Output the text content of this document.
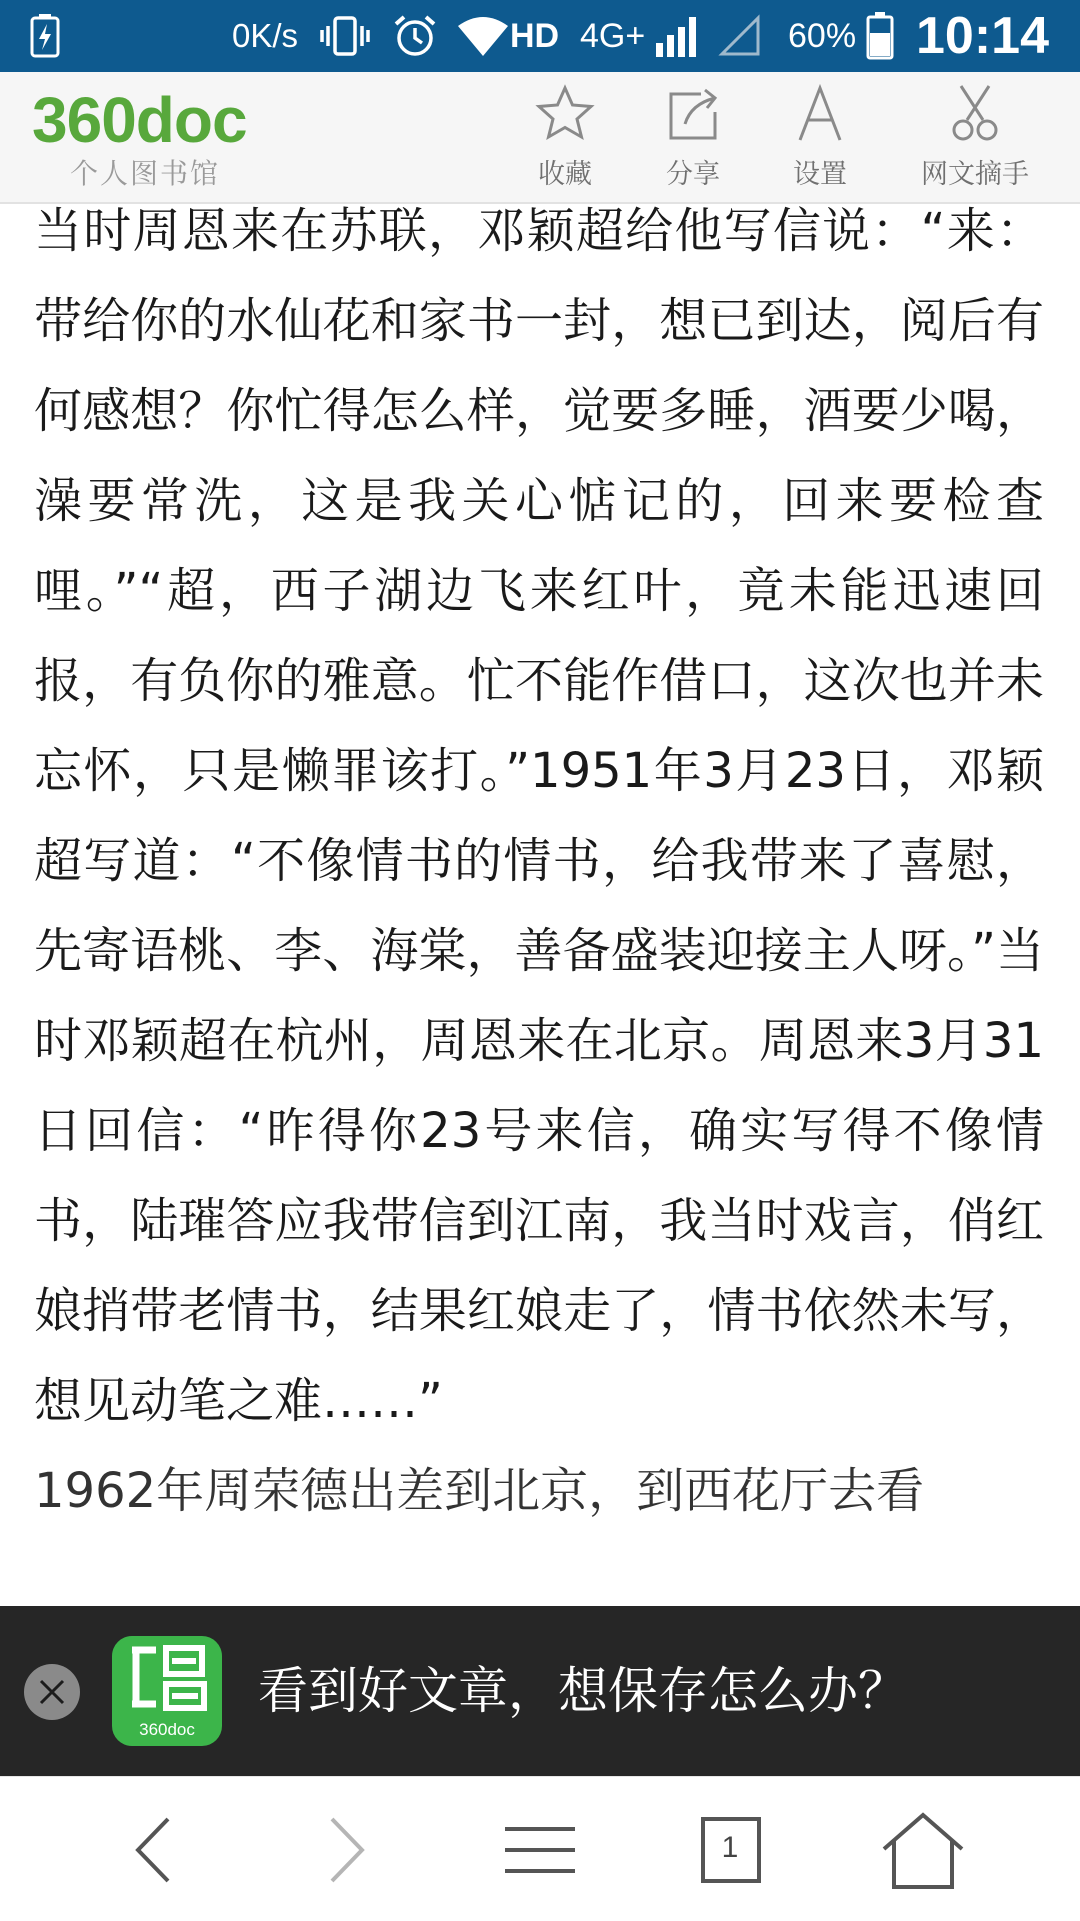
0K/s	HD 4G+	60% 10:14
360doc
个人图书馆	收藏	分享	设置	网文摘手

当时周恩来在苏联，邓颖超给他写信说：“来：带给你的水仙花和家书一封，想已到达，阅后有何感想？你忙得怎么样，觉要多睡，酒要少喝，澡要常洗，这是我关心惦记的，回来要检查哩。”“超，西子湖边飞来红叶，竟未能迅速回报，有负你的雅意。忙不能作借口，这次也并未忘怀，只是懒罪该打。”1951年3月23日，邓颖超写道：“不像情书的情书，给我带来了喜慰，先寄语桃、李、海棠，善备盛装迎接主人呀。”当时邓颖超在杭州，周恩来在北京。周恩来3月31日回信：“昨得你23号来信，确实写得不像情书，陆璀答应我带信到江南，我当时戏言，俏红娘捎带老情书，结果红娘走了，情书依然未写，想见动笔之难……”

1962年周荣德出差到北京，到西花厅去看

360doc
看到好文章，想保存怎么办？
1
